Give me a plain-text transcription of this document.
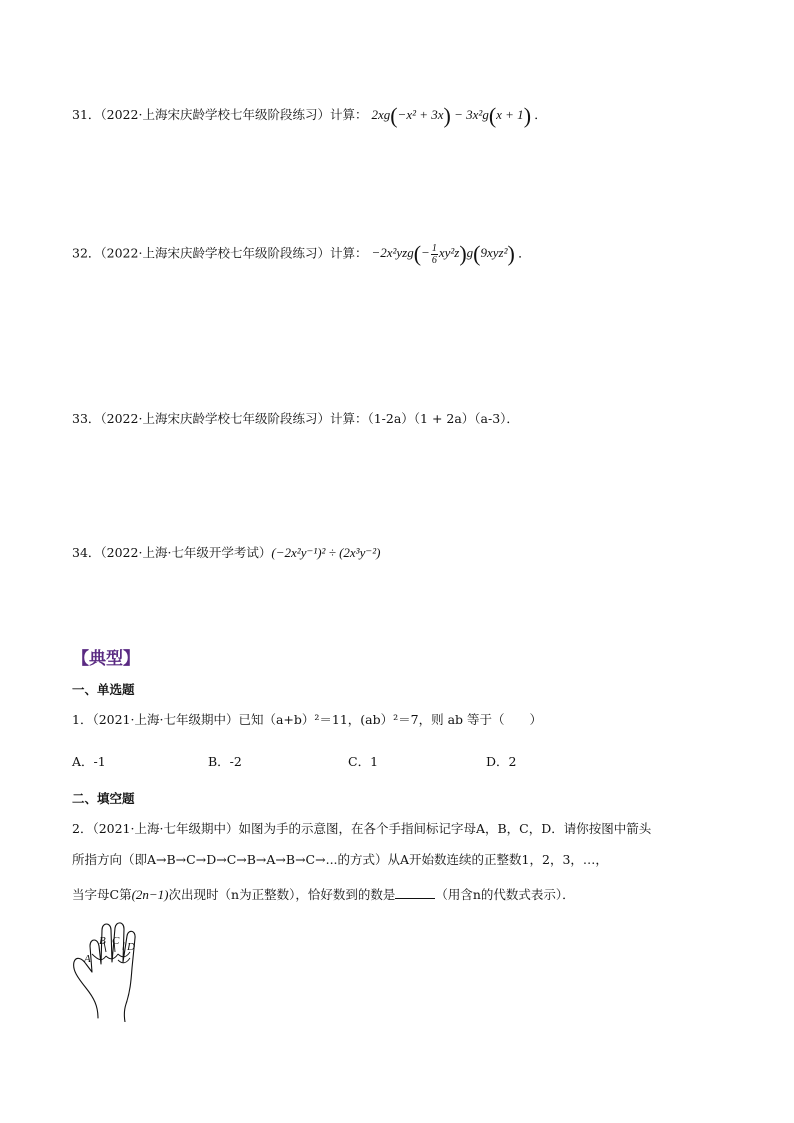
31．（2022·上海宋庆龄学校七年级阶段练习）计算： 2xg(−x² + 3x) − 3x²g(x + 1) ．
32．（2022·上海宋庆龄学校七年级阶段练习）计算： $-2x^2yzg(- \frac{1}{6} xy^2z)g(9xyz^2)$ ．
33．（2022·上海宋庆龄学校七年级阶段练习）计算：（1-2a）（1 + 2a）（a-3）．
34．（2022·上海·七年级开学考试）(−2x²y⁻¹)² ÷ (2x³y⁻²)
【典型】
一、单选题
1．（2021·上海·七年级期中）已知（a+b）²＝11，(ab）²＝7，则 ab 等于（　　）
A．-1	B．-2	C．1	D．2
二、填空题
2．（2021·上海·七年级期中）如图为手的示意图，在各个手指间标记字母A，B，C，D．请你按图中箭头
所指方向（即A→B→C→D→C→B→A→B→C→...的方式）从A开始数连续的正整数1，2，3，…，
当字母C第(2n−1)次出现时（n为正整数），恰好数到的数是	（用含n的代数式表示）．
A
B C D
